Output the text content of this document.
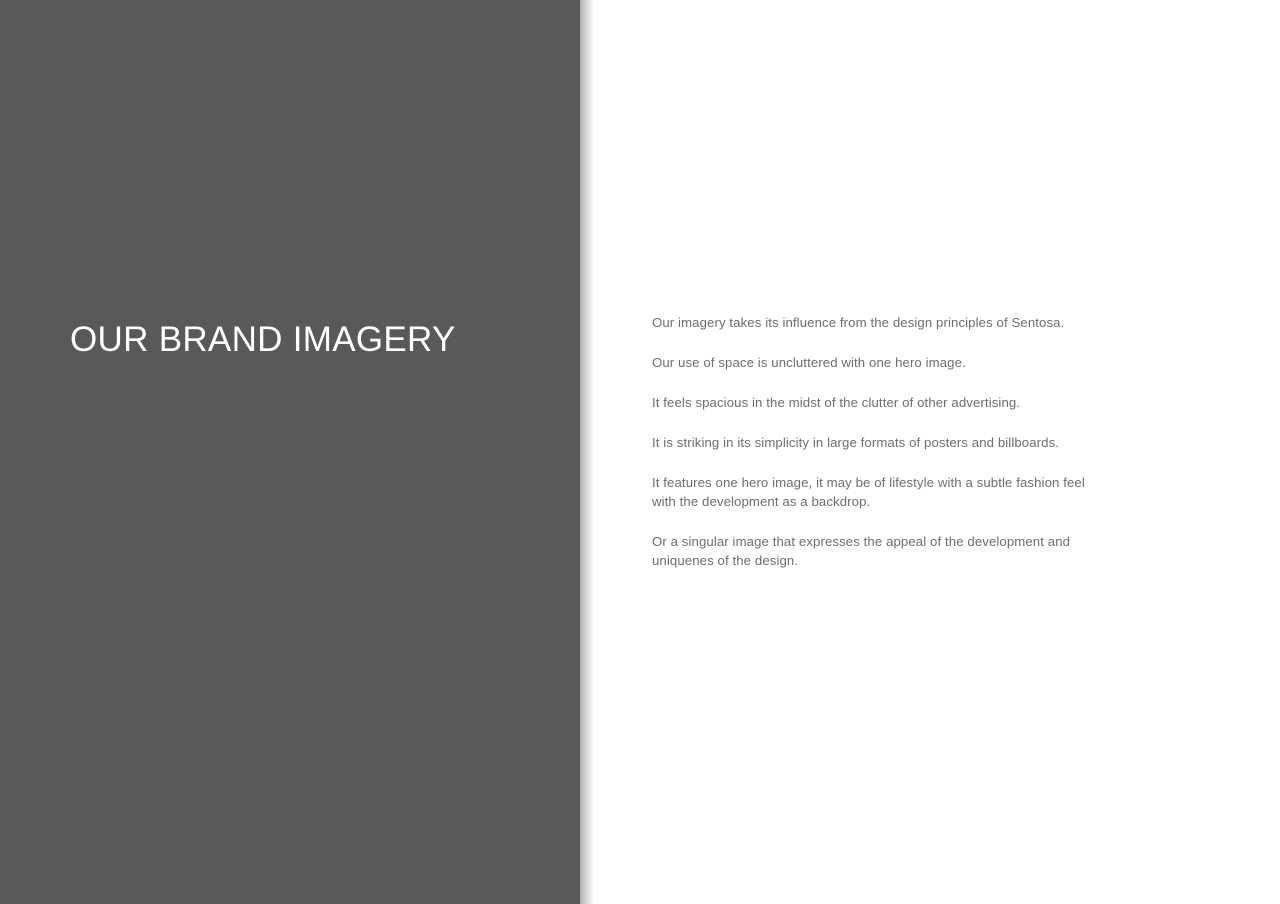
OUR BRAND IMAGERY	Our imagery takes its influence from the design principles of Sentosa.

Our use of space is uncluttered with one hero image.

It feels spacious in the midst of the clutter of other advertising.

It is striking in its simplicity in large formats of posters and billboards.

It features one hero image, it may be of lifestyle with a subtle fashion feel with the development as a backdrop.

Or a singular image that expresses the appeal of the development and uniquenes of the design.
